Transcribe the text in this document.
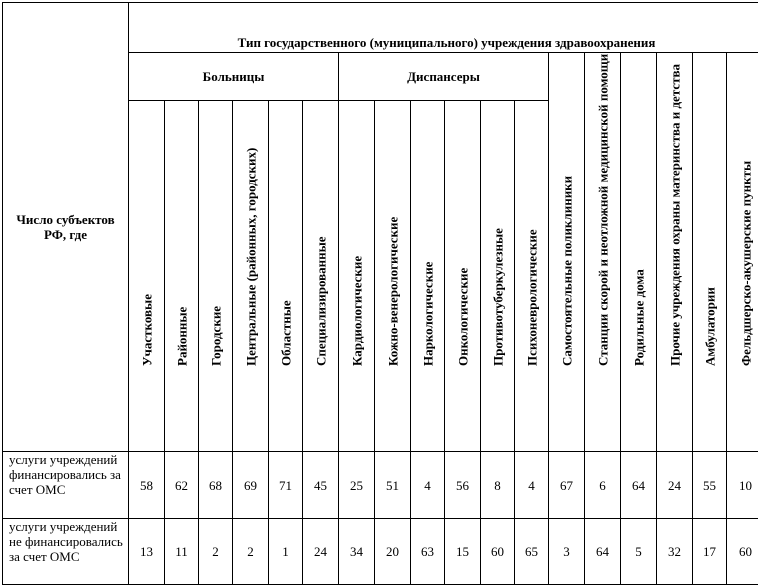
Число субъектов РФ, где	Тип государственного (муниципального) учреждения здравоохранения																	
	Больницы						Диспансеры						Самостоятельные поликлиники	Станции скорой и неотложной медицинской помощи	Родильные дома	Прочие учреждения охраны материнства и детства	Амбулатории	Фельдшерско-акушерские пункты

	Участковые	Районные	Городские	Центральные (районных, городских)	Областные	Специализированные	Кардиологические	Кожно-венерологические	Наркологические	Онкологические	Противотуберкулезные	Психоневрологические						

услуги учреждений финансировались за счет ОМС	58	62	68	69	71	45	25	51	4	56	8	4	67	6	64	24	55	10
услуги учреждений не финансировались за счет ОМС	13	11	2	2	1	24	34	20	63	15	60	65	3	64	5	32	17	60
